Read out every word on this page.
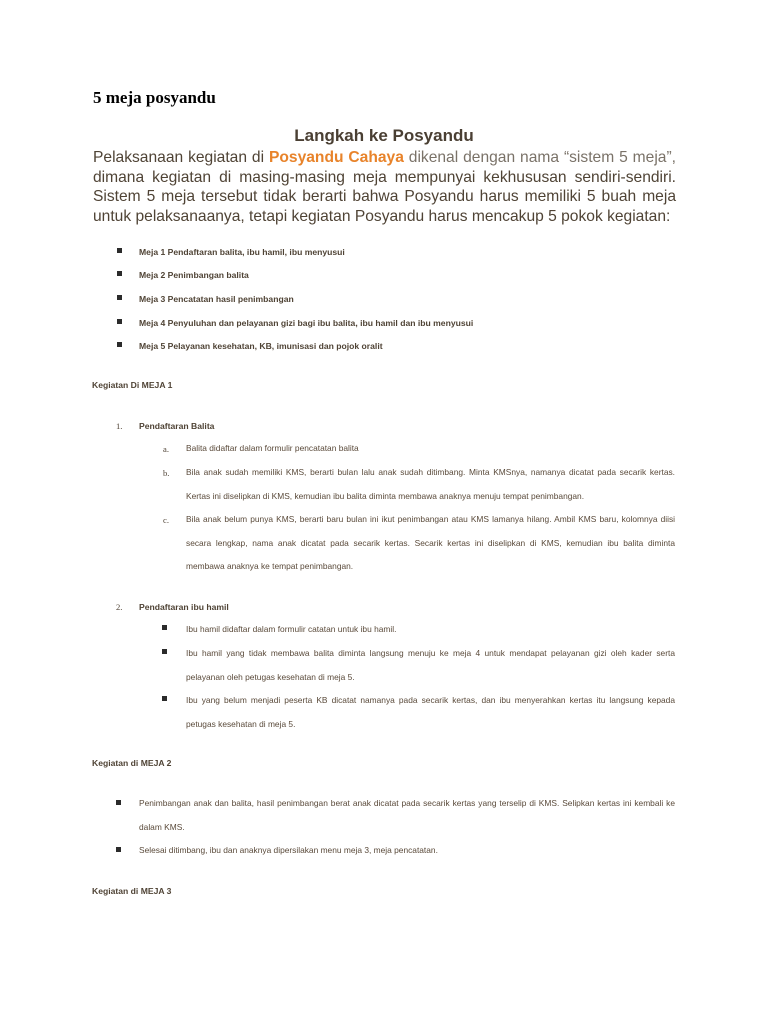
5 meja posyandu
Langkah ke Posyandu

Pelaksanaan kegiatan di Posyandu Cahaya dikenal dengan nama “sistem 5 meja”, dimana kegiatan di masing-masing meja mempunyai kekhususan sendiri-sendiri. Sistem 5 meja tersebut tidak berarti bahwa Posyandu harus memiliki 5 buah meja untuk pelaksanaanya, tetapi kegiatan Posyandu harus mencakup 5 pokok kegiatan:

Meja 1 Pendaftaran balita, ibu hamil, ibu menyusui
Meja 2 Penimbangan balita
Meja 3 Pencatatan hasil penimbangan
Meja 4 Penyuluhan dan pelayanan gizi bagi ibu balita, ibu hamil dan ibu menyusui
Meja 5 Pelayanan kesehatan, KB, imunisasi dan pojok oralit
Kegiatan Di MEJA 1
1. Pendaftaran Balita
a. Balita didaftar dalam formulir pencatatan balita

b. Bila anak sudah memiliki KMS, berarti bulan lalu anak sudah ditimbang. Minta KMSnya, namanya dicatat pada secarik kertas. Kertas ini diselipkan di KMS, kemudian ibu balita diminta membawa anaknya menuju tempat penimbangan.

c. Bila anak belum punya KMS, berarti baru bulan ini ikut penimbangan atau KMS lamanya hilang. Ambil KMS baru, kolomnya diisi secara lengkap, nama anak dicatat pada secarik kertas. Secarik kertas ini diselipkan di KMS, kemudian ibu balita diminta membawa anaknya ke tempat penimbangan.

2. Pendaftaran ibu hamil

Ibu hamil didaftar dalam formulir catatan untuk ibu hamil.

Ibu hamil yang tidak membawa balita diminta langsung menuju ke meja 4 untuk mendapat pelayanan gizi oleh kader serta pelayanan oleh petugas kesehatan di meja 5.

Ibu yang belum menjadi peserta KB dicatat namanya pada secarik kertas, dan ibu menyerahkan kertas itu langsung kepada petugas kesehatan di meja 5.

Kegiatan di MEJA 2

Penimbangan anak dan balita, hasil penimbangan berat anak dicatat pada secarik kertas yang terselip di KMS. Selipkan kertas ini kembali ke dalam KMS.

Selesai ditimbang, ibu dan anaknya dipersilakan menu meja 3, meja pencatatan.

Kegiatan di MEJA 3
